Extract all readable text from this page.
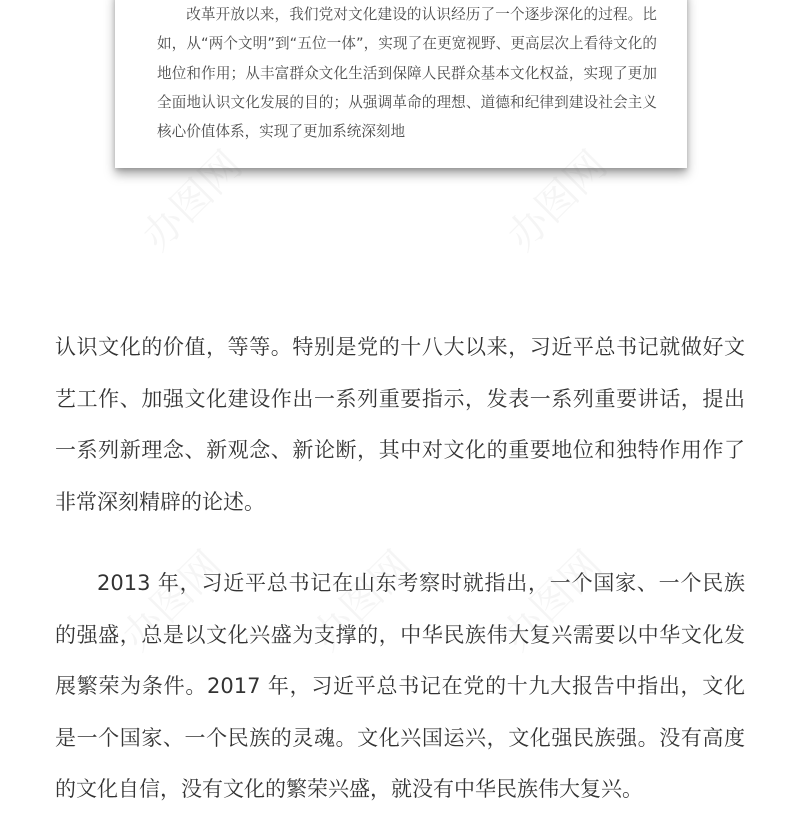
改革开放以来，我们党对文化建设的认识经历了一个逐步深化的过程。比如，从“两个文明”到“五位一体”，实现了在更宽视野、更高层次上看待文化的地位和作用；从丰富群众文化生活到保障人民群众基本文化权益，实现了更加全面地认识文化发展的目的；从强调革命的理想、道德和纪律到建设社会主义核心价值体系，实现了更加系统深刻地

认识文化的价值，等等。特别是党的十八大以来，习近平总书记就做好文艺工作、加强文化建设作出一系列重要指示，发表一系列重要讲话，提出一系列新理念、新观念、新论断，其中对文化的重要地位和独特作用作了非常深刻精辟的论述。

2013 年，习近平总书记在山东考察时就指出，一个国家、一个民族的强盛，总是以文化兴盛为支撑的，中华民族伟大复兴需要以中华文化发展繁荣为条件。2017 年，习近平总书记在党的十九大报告中指出，文化是一个国家、一个民族的灵魂。文化兴国运兴，文化强民族强。没有高度的文化自信，没有文化的繁荣兴盛，就没有中华民族伟大复兴。

办图网	办图网
办图网 办图网 办图网
